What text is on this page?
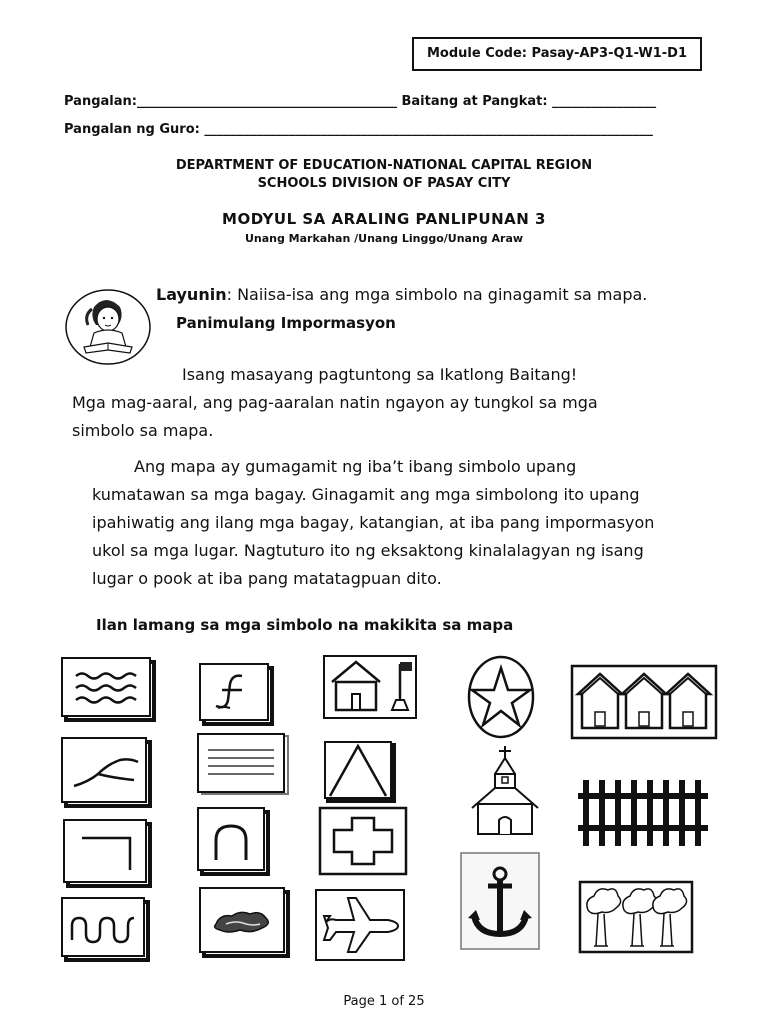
Module Code: Pasay-AP3-Q1-W1-D1
Pangalan:________________________________________ Baitang at Pangkat: ________________
Pangalan ng Guro: _____________________________________________________________________
DEPARTMENT OF EDUCATION-NATIONAL CAPITAL REGION
SCHOOLS DIVISION OF PASAY CITY
MODYUL SA ARALING PANLIPUNAN 3
Unang Markahan /Unang Linggo/Unang Araw
Layunin: Naiisa-isa ang mga simbolo na ginagamit sa mapa.
Panimulang Impormasyon
Isang masayang pagtuntong sa Ikatlong Baitang!
Mga mag-aaral, ang pag-aaralan natin ngayon ay tungkol sa mga
simbolo sa mapa.
Ang mapa ay gumagamit ng iba’t ibang simbolo upang
kumatawan sa mga bagay. Ginagamit ang mga simbolong ito upang
ipahiwatig ang ilang mga bagay, katangian, at iba pang impormasyon
ukol sa mga lugar. Nagtuturo ito ng eksaktong kinalalagyan ng isang
lugar o pook at iba pang matatagpuan dito.
Ilan lamang sa mga simbolo na makikita sa mapa
Page 1 of 25
